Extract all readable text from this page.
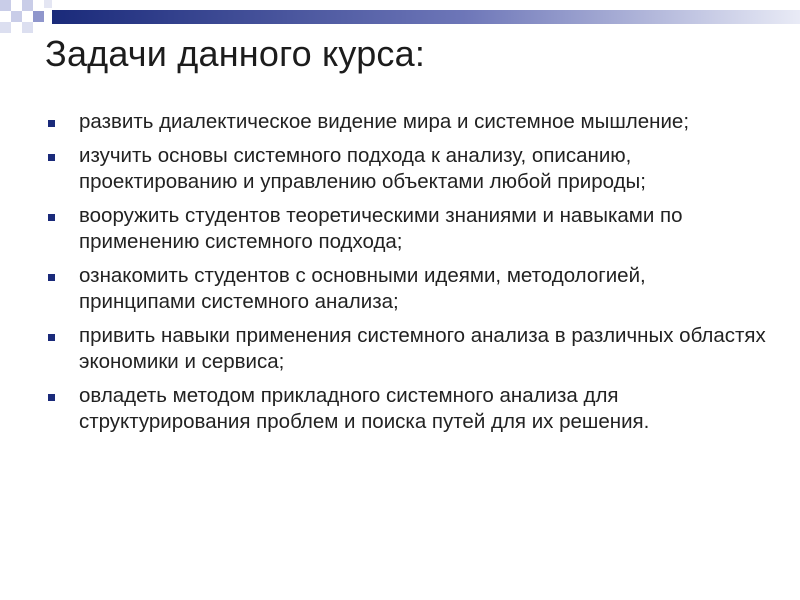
Задачи данного курса:
развить диалектическое видение мира и системное мышление;
изучить основы системного подхода к анализу, описанию, проектированию и управлению объектами любой природы;
вооружить студентов теоретическими знаниями и навыками по применению системного подхода;
ознакомить студентов с основными идеями, методологией, принципами системного анализа;
привить навыки применения системного анализа в различных областях экономики и сервиса;
овладеть методом прикладного системного анализа для структурирования проблем и поиска путей для их решения.
